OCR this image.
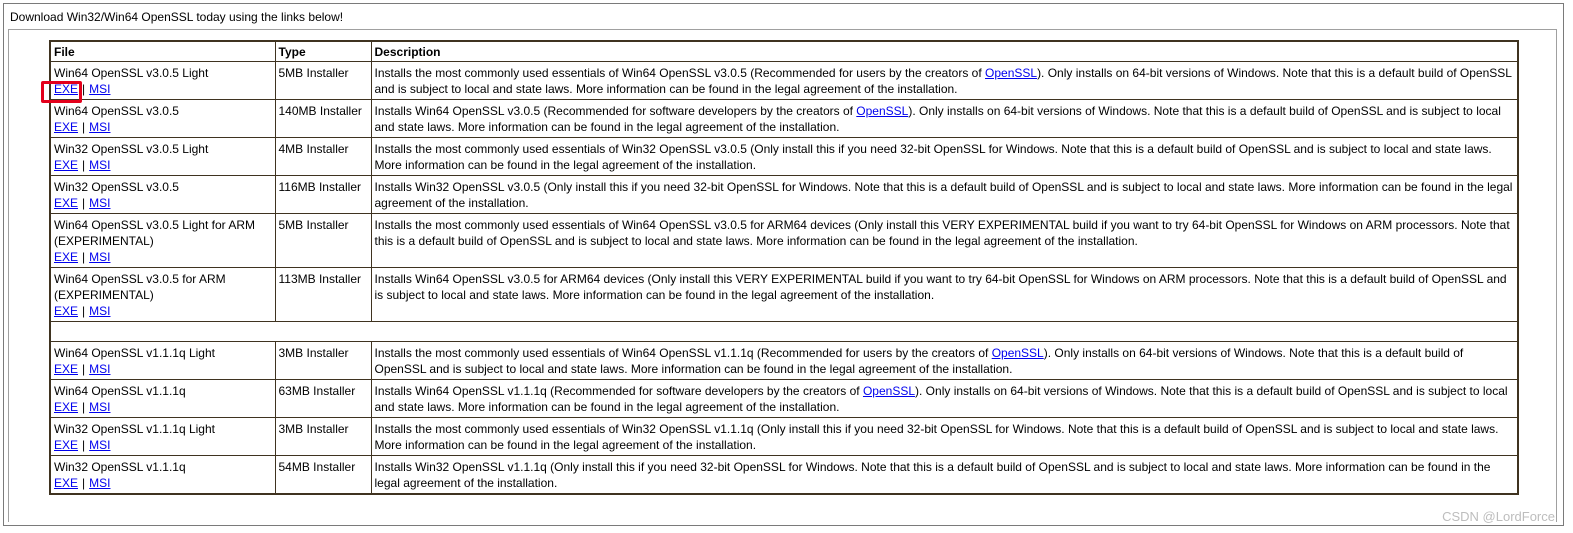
Download Win32/Win64 OpenSSL today using the links below!
File	Type	Description

Win64 OpenSSL v3.0.5 Light
EXE | MSI	5MB Installer	Installs the most commonly used essentials of Win64 OpenSSL v3.0.5 (Recommended for users by the creators of OpenSSL). Only installs on 64-bit versions of Windows. Note that this is a default build of OpenSSL and is subject to local and state laws. More information can be found in the legal agreement of the installation.

Win64 OpenSSL v3.0.5
EXE | MSI	140MB Installer	Installs Win64 OpenSSL v3.0.5 (Recommended for software developers by the creators of OpenSSL). Only installs on 64-bit versions of Windows. Note that this is a default build of OpenSSL and is subject to local and state laws. More information can be found in the legal agreement of the installation.

Win32 OpenSSL v3.0.5 Light
EXE | MSI	4MB Installer	Installs the most commonly used essentials of Win32 OpenSSL v3.0.5 (Only install this if you need 32-bit OpenSSL for Windows. Note that this is a default build of OpenSSL and is subject to local and state laws. More information can be found in the legal agreement of the installation.

Win32 OpenSSL v3.0.5
EXE | MSI	116MB Installer	Installs Win32 OpenSSL v3.0.5 (Only install this if you need 32-bit OpenSSL for Windows. Note that this is a default build of OpenSSL and is subject to local and state laws. More information can be found in the legal agreement of the installation.

Win64 OpenSSL v3.0.5 Light for ARM (EXPERIMENTAL)
EXE | MSI	5MB Installer	Installs the most commonly used essentials of Win64 OpenSSL v3.0.5 for ARM64 devices (Only install this VERY EXPERIMENTAL build if you want to try 64-bit OpenSSL for Windows on ARM processors. Note that this is a default build of OpenSSL and is subject to local and state laws. More information can be found in the legal agreement of the installation.

Win64 OpenSSL v3.0.5 for ARM (EXPERIMENTAL)
EXE | MSI	113MB Installer	Installs Win64 OpenSSL v3.0.5 for ARM64 devices (Only install this VERY EXPERIMENTAL build if you want to try 64-bit OpenSSL for Windows on ARM processors. Note that this is a default build of OpenSSL and is subject to local and state laws. More information can be found in the legal agreement of the installation.

Win64 OpenSSL v1.1.1q Light
EXE | MSI	3MB Installer	Installs the most commonly used essentials of Win64 OpenSSL v1.1.1q (Recommended for users by the creators of OpenSSL). Only installs on 64-bit versions of Windows. Note that this is a default build of OpenSSL and is subject to local and state laws. More information can be found in the legal agreement of the installation.

Win64 OpenSSL v1.1.1q
EXE | MSI	63MB Installer	Installs Win64 OpenSSL v1.1.1q (Recommended for software developers by the creators of OpenSSL). Only installs on 64-bit versions of Windows. Note that this is a default build of OpenSSL and is subject to local and state laws. More information can be found in the legal agreement of the installation.

Win32 OpenSSL v1.1.1q Light
EXE | MSI	3MB Installer	Installs the most commonly used essentials of Win32 OpenSSL v1.1.1q (Only install this if you need 32-bit OpenSSL for Windows. Note that this is a default build of OpenSSL and is subject to local and state laws. More information can be found in the legal agreement of the installation.

Win32 OpenSSL v1.1.1q
EXE | MSI	54MB Installer	Installs Win32 OpenSSL v1.1.1q (Only install this if you need 32-bit OpenSSL for Windows. Note that this is a default build of OpenSSL and is subject to local and state laws. More information can be found in the legal agreement of the installation.
CSDN @LordForce
